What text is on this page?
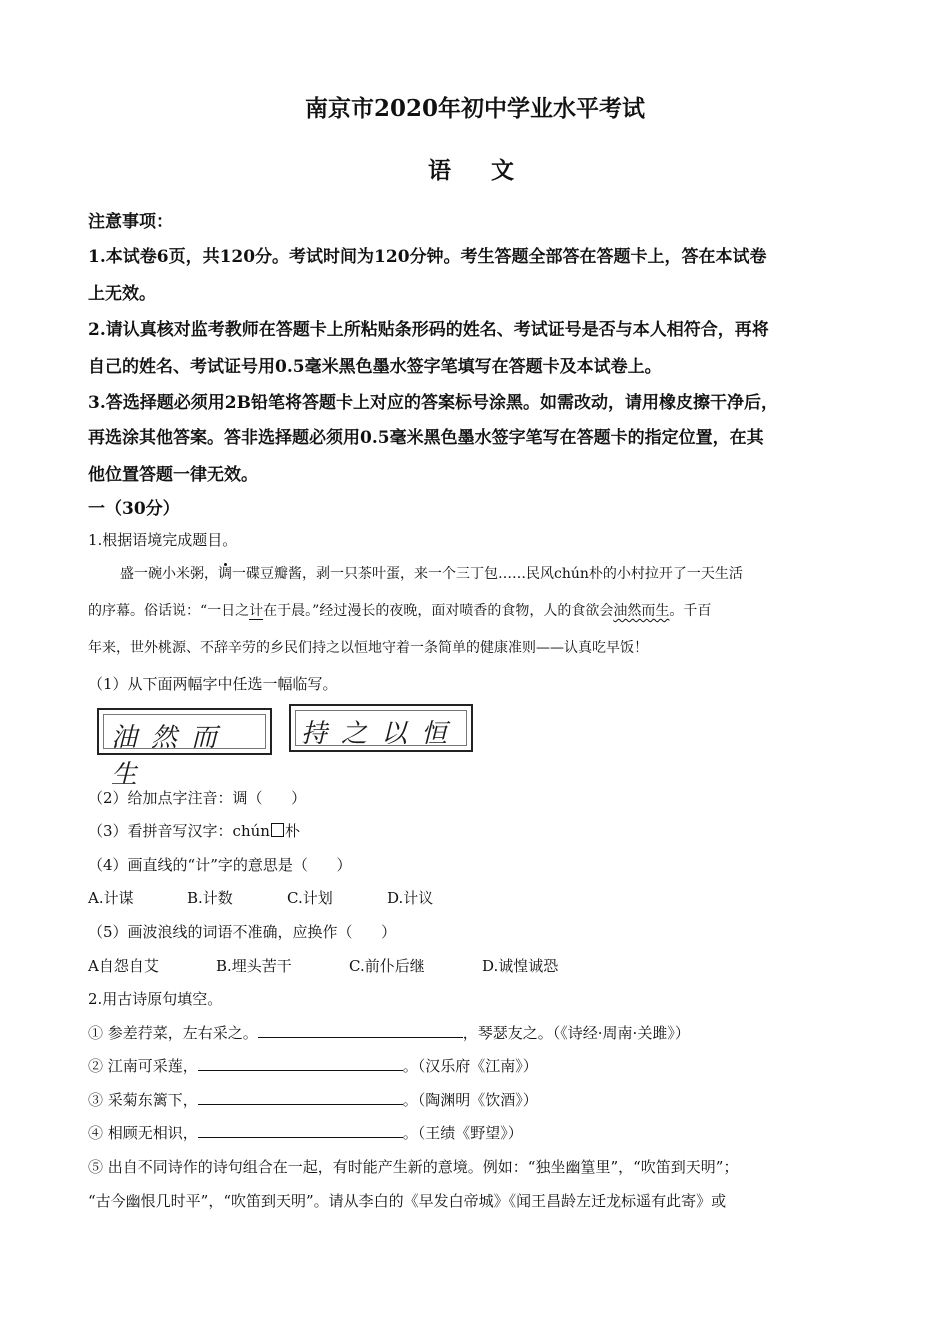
南京市2020年初中学业水平考试
语  文
注意事项：
1.本试卷6页，共120分。考试时间为120分钟。考生答题全部答在答题卡上，答在本试卷
上无效。
2.请认真核对监考教师在答题卡上所粘贴条形码的姓名、考试证号是否与本人相符合，再将
自己的姓名、考试证号用0.5毫米黑色墨水签字笔填写在答题卡及本试卷上。
3.答选择题必须用2B铅笔将答题卡上对应的答案标号涂黑。如需改动，请用橡皮擦干净后，
再选涂其他答案。答非选择题必须用0.5毫米黑色墨水签字笔写在答题卡的指定位置，在其
他位置答题一律无效。
一（30分）
1.根据语境完成题目。
盛一碗小米粥，调一碟豆瓣酱，剥一只茶叶蛋，来一个三丁包……民风chún朴的小村拉开了一天生活
的序幕。俗话说：“一日之计在于晨。”经过漫长的夜晚，面对喷香的食物，人的食欲会油然而生。千百
年来，世外桃源、不辞辛劳的乡民们持之以恒地守着一条简单的健康准则——认真吃早饭！
（1）从下面两幅字中任选一幅临写。
油然而生
持之以恒
（2）给加点字注音：调（      ）
（3）看拼音写汉字：chún 朴
（4）画直线的“计”字的意思是（      ）
A.计谋	B.计数	C.计划	D.计议
（5）画波浪线的词语不准确，应换作（      ）
A自怨自艾	B.埋头苦干	C.前仆后继	D.诚惶诚恐
2.用古诗原句填空。
① 参差荇菜，左右采之。	，琴瑟友之。（《诗经·周南·关雎》）
② 江南可采莲，	。（汉乐府《江南》）
③ 采菊东篱下，	。（陶渊明《饮酒》）
④ 相顾无相识，	。（王绩《野望》）
⑤ 出自不同诗作的诗句组合在一起，有时能产生新的意境。例如：“独坐幽篁里”，“吹笛到天明”；
“古今幽恨几时平”，“吹笛到天明”。请从李白的《早发白帝城》《闻王昌龄左迁龙标遥有此寄》或
